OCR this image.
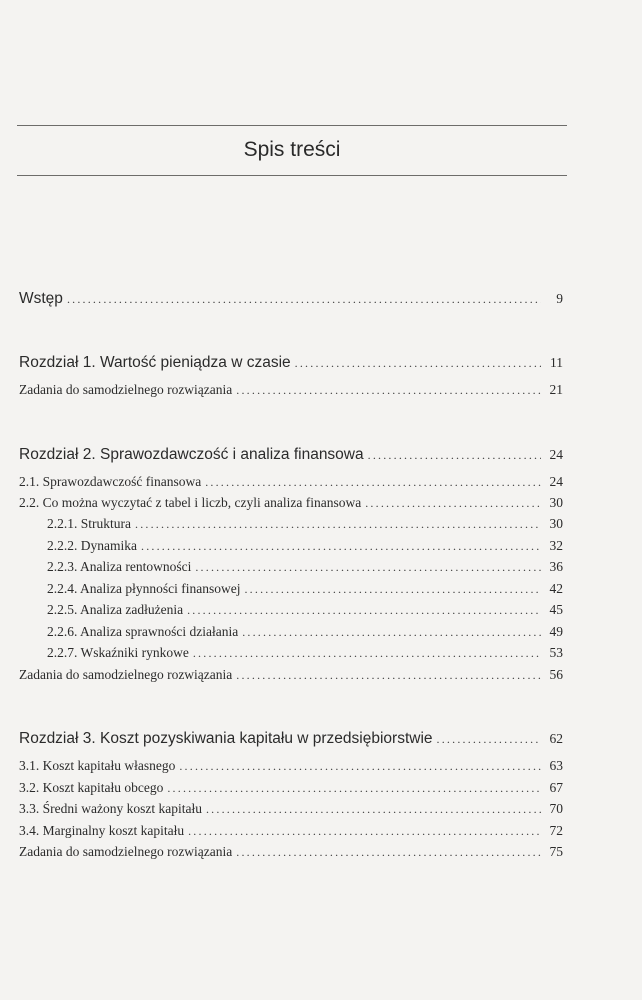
Spis treści
Wstęp .....	9
Rozdział 1. Wartość pieniądza w czasie .....	11
Zadania do samodzielnego rozwiązania .....	21
Rozdział 2. Sprawozdawczość i analiza finansowa .....	24
2.1. Sprawozdawczość finansowa .....	24
2.2. Co można wyczytać z tabel i liczb, czyli analiza finansowa .....	30
2.2.1. Struktura .....	30
2.2.2. Dynamika .....	32
2.2.3. Analiza rentowności .....	36
2.2.4. Analiza płynności finansowej .....	42
2.2.5. Analiza zadłużenia .....	45
2.2.6. Analiza sprawności działania .....	49
2.2.7. Wskaźniki rynkowe .....	53
Zadania do samodzielnego rozwiązania .....	56
Rozdział 3. Koszt pozyskiwania kapitału w przedsiębiorstwie .....	62
3.1. Koszt kapitału własnego .....	63
3.2. Koszt kapitału obcego .....	67
3.3. Średni ważony koszt kapitału .....	70
3.4. Marginalny koszt kapitału .....	72
Zadania do samodzielnego rozwiązania .....	75
